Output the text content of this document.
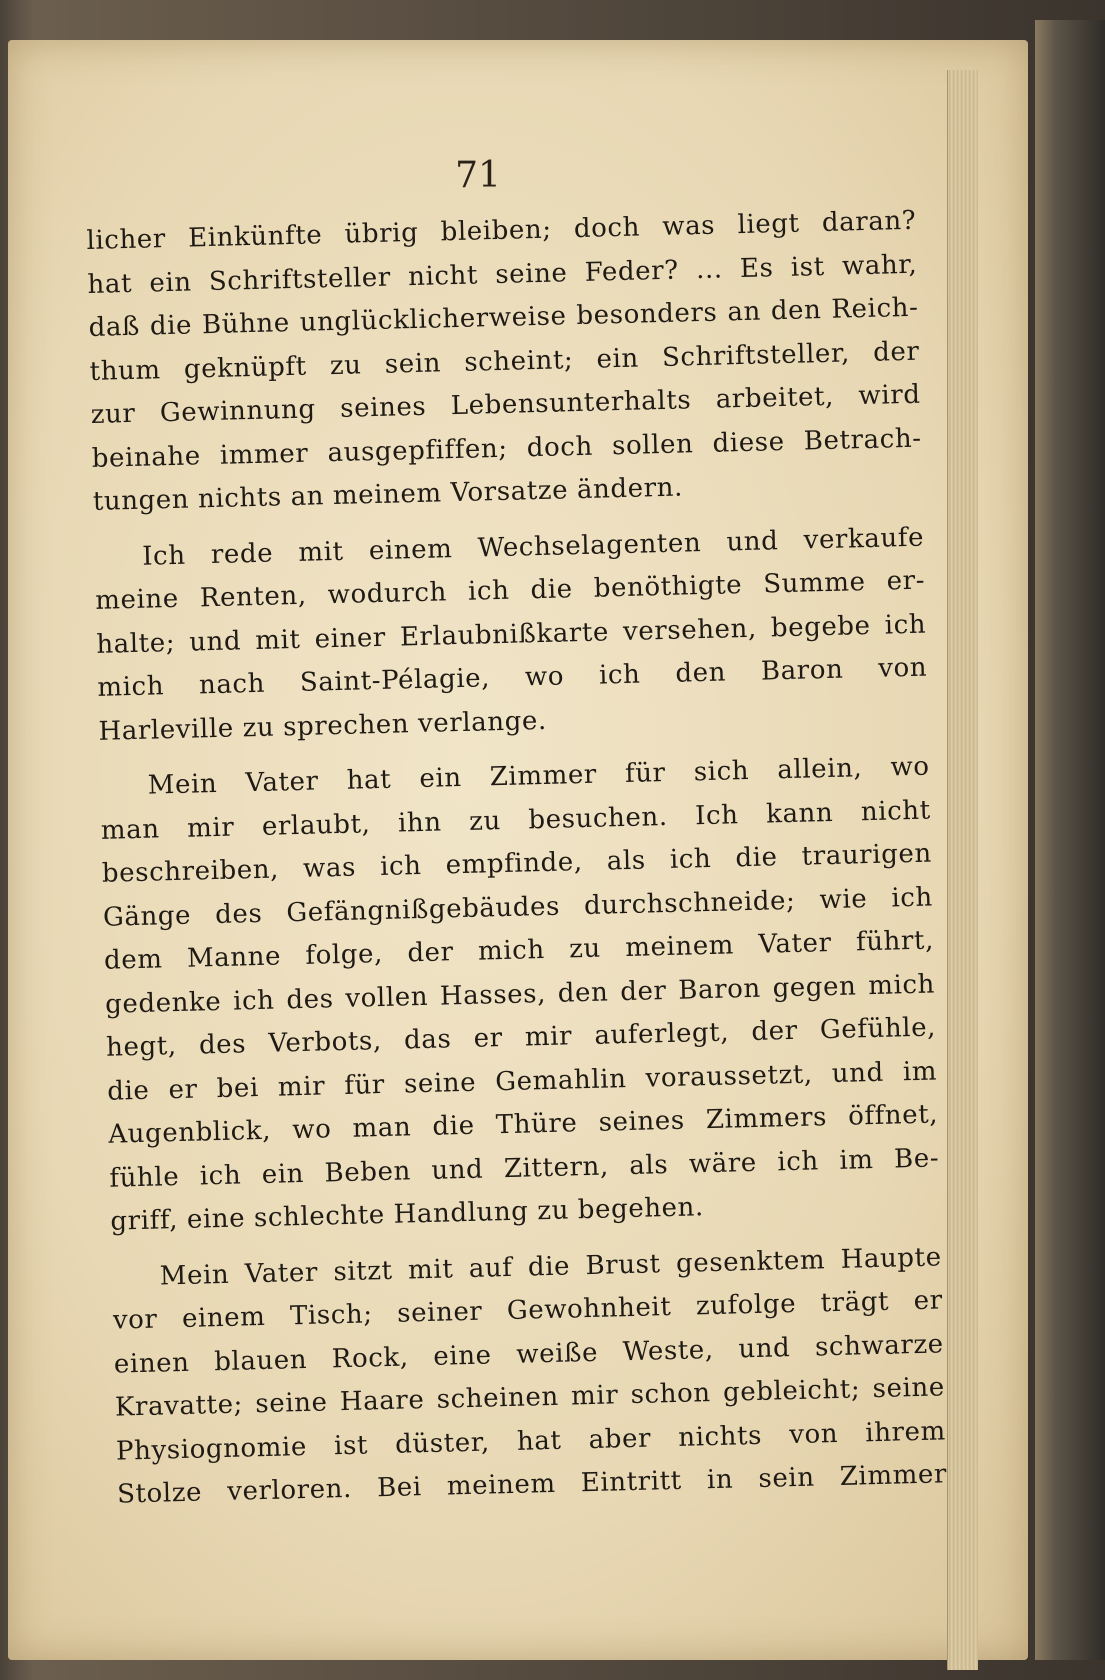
71
licher Einkünfte übrig bleiben; doch was liegt daran?
hat ein Schriftsteller nicht seine Feder? ... Es ist wahr,
daß die Bühne unglücklicherweise besonders an den Reich-
thum geknüpft zu sein scheint; ein Schriftsteller, der
zur Gewinnung seines Lebensunterhalts arbeitet, wird
beinahe immer ausgepfiffen; doch sollen diese Betrach-
tungen nichts an meinem Vorsatze ändern.
Ich rede mit einem Wechselagenten und verkaufe
meine Renten, wodurch ich die benöthigte Summe er-
halte; und mit einer Erlaubnißkarte versehen, begebe ich
mich nach Saint-Pélagie, wo ich den Baron von
Harleville zu sprechen verlange.
Mein Vater hat ein Zimmer für sich allein, wo
man mir erlaubt, ihn zu besuchen. Ich kann nicht
beschreiben, was ich empfinde, als ich die traurigen
Gänge des Gefängnißgebäudes durchschneide; wie ich
dem Manne folge, der mich zu meinem Vater führt,
gedenke ich des vollen Hasses, den der Baron gegen mich
hegt, des Verbots, das er mir auferlegt, der Gefühle,
die er bei mir für seine Gemahlin voraussetzt, und im
Augenblick, wo man die Thüre seines Zimmers öffnet,
fühle ich ein Beben und Zittern, als wäre ich im Be-
griff, eine schlechte Handlung zu begehen.
Mein Vater sitzt mit auf die Brust gesenktem Haupte
vor einem Tisch; seiner Gewohnheit zufolge trägt er
einen blauen Rock, eine weiße Weste, und schwarze
Kravatte; seine Haare scheinen mir schon gebleicht; seine
Physiognomie ist düster, hat aber nichts von ihrem
Stolze verloren. Bei meinem Eintritt in sein Zimmer
